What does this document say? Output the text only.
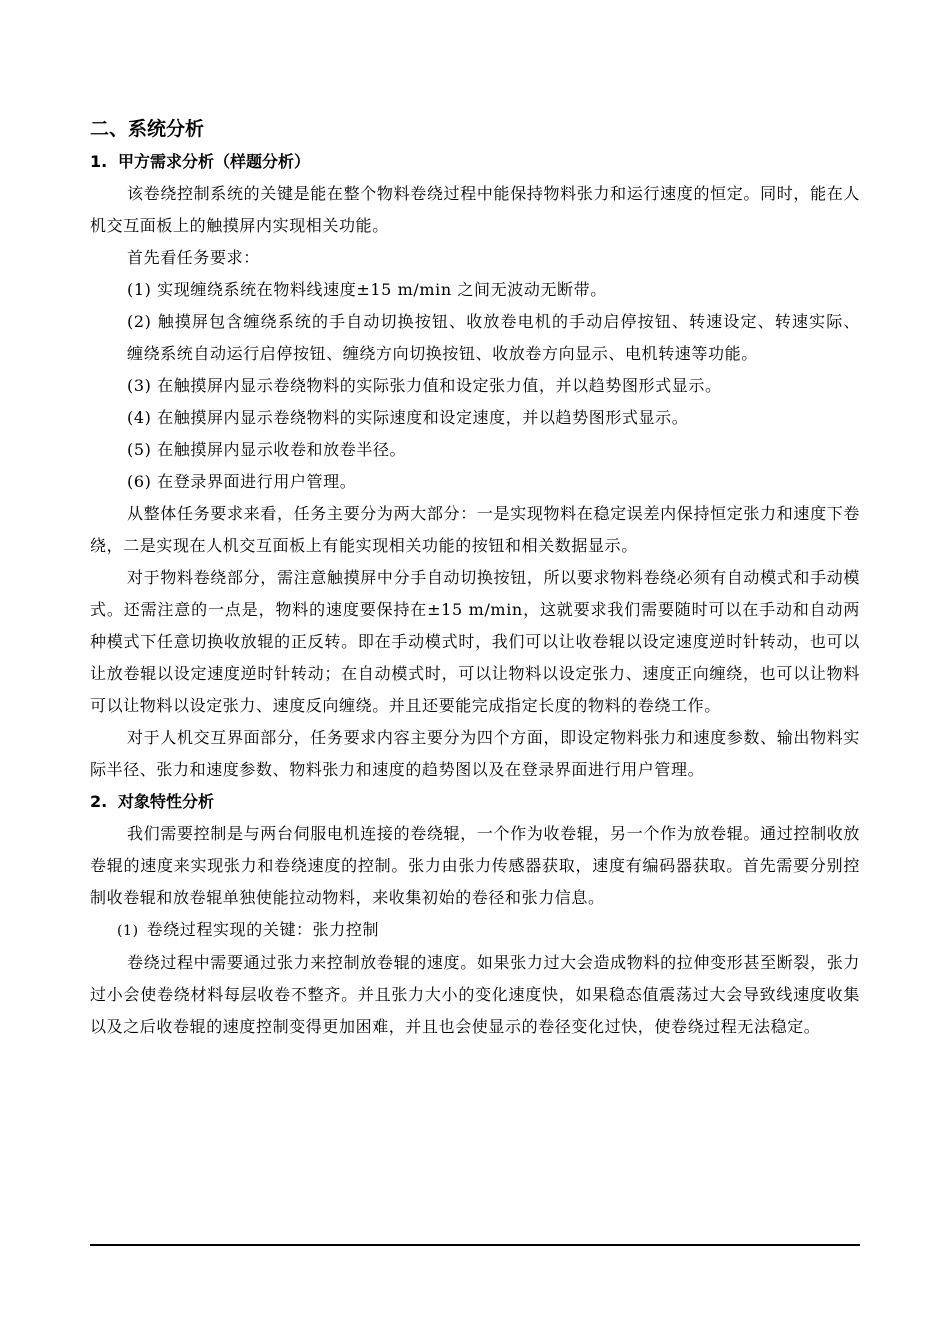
二、系统分析
1. 甲方需求分析（样题分析）

该卷绕控制系统的关键是能在整个物料卷绕过程中能保持物料张力和运行速度的恒定。同时，能在人机交互面板上的触摸屏内实现相关功能。

首先看任务要求：

(1) 实现缠绕系统在物料线速度±15 m/min 之间无波动无断带。

(2) 触摸屏包含缠绕系统的手自动切换按钮、收放卷电机的手动启停按钮、转速设定、转速实际、 缠绕系统自动运行启停按钮、缠绕方向切换按钮、收放卷方向显示、电机转速等功能。

(3) 在触摸屏内显示卷绕物料的实际张力值和设定张力值，并以趋势图形式显示。

(4) 在触摸屏内显示卷绕物料的实际速度和设定速度，并以趋势图形式显示。

(5) 在触摸屏内显示收卷和放卷半径。

(6) 在登录界面进行用户管理。

从整体任务要求来看，任务主要分为两大部分：一是实现物料在稳定误差内保持恒定张力和速度下卷绕，二是实现在人机交互面板上有能实现相关功能的按钮和相关数据显示。

对于物料卷绕部分，需注意触摸屏中分手自动切换按钮，所以要求物料卷绕必须有自动模式和手动模式。还需注意的一点是，物料的速度要保持在±15 m/min，这就要求我们需要随时可以在手动和自动两种模式下任意切换收放辊的正反转。即在手动模式时，我们可以让收卷辊以设定速度逆时针转动，也可以让放卷辊以设定速度逆时针转动；在自动模式时，可以让物料以设定张力、速度正向缠绕，也可以让物料可以让物料以设定张力、速度反向缠绕。并且还要能完成指定长度的物料的卷绕工作。

对于人机交互界面部分，任务要求内容主要分为四个方面，即设定物料张力和速度参数、输出物料实际半径、张力和速度参数、物料张力和速度的趋势图以及在登录界面进行用户管理。

2. 对象特性分析

我们需要控制是与两台伺服电机连接的卷绕辊，一个作为收卷辊，另一个作为放卷辊。通过控制收放卷辊的速度来实现张力和卷绕速度的控制。张力由张力传感器获取，速度有编码器获取。首先需要分别控制收卷辊和放卷辊单独使能拉动物料，来收集初始的卷径和张力信息。

(1) 卷绕过程实现的关键：张力控制

卷绕过程中需要通过张力来控制放卷辊的速度。如果张力过大会造成物料的拉伸变形甚至断裂，张力过小会使卷绕材料每层收卷不整齐。并且张力大小的变化速度快，如果稳态值震荡过大会导致线速度收集以及之后收卷辊的速度控制变得更加困难，并且也会使显示的卷径变化过快，使卷绕过程无法稳定。
